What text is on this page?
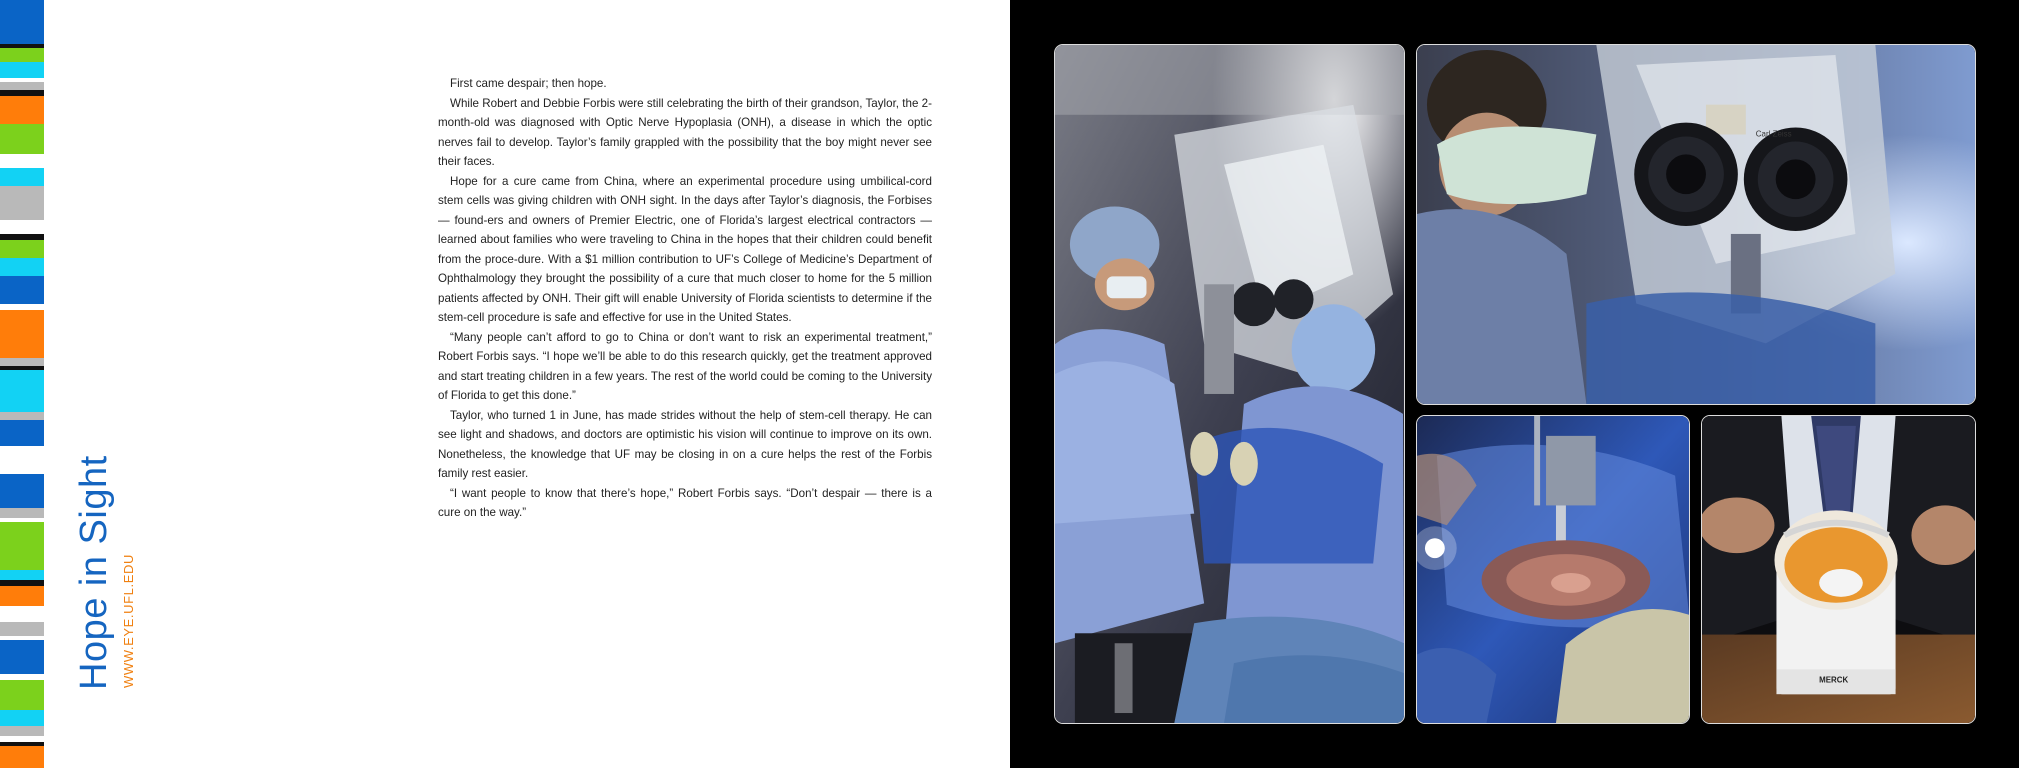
Hope in Sight WWW.EYE.UFL.EDU

First came despair; then hope.

While Robert and Debbie Forbis were still celebrating the birth of their grandson, Taylor, the 2-month-old was diagnosed with Optic Nerve Hypoplasia (ONH), a disease in which the optic nerves fail to develop. Taylor’s family grappled with the possibility that the boy might never see their faces.

Hope for a cure came from China, where an experimental procedure using umbilical-cord stem cells was giving children with ONH sight. In the days after Taylor’s diagnosis, the Forbises — found-ers and owners of Premier Electric, one of Florida’s largest electrical contractors — learned about families who were traveling to China in the hopes that their children could benefit from the proce-dure. With a $1 million contribution to UF’s College of Medicine’s Department of Ophthalmology they brought the possibility of a cure that much closer to home for the 5 million patients affected by ONH. Their gift will enable University of Florida scientists to determine if the stem-cell procedure is safe and effective for use in the United States.

“Many people can’t afford to go to China or don’t want to risk an experimental treatment,” Robert Forbis says. “I hope we’ll be able to do this research quickly, get the treatment approved and start treating children in a few years. The rest of the world could be coming to the University of Florida to get this done.”

Taylor, who turned 1 in June, has made strides without the help of stem-cell therapy. He can see light and shadows, and doctors are optimistic his vision will continue to improve on its own. Nonetheless, the knowledge that UF may be closing in on a cure helps the rest of the Forbis family rest easier.

“I want people to know that there’s hope,” Robert Forbis says. “Don’t despair — there is a cure on the way.”

Carl Zeiss
MERCK
